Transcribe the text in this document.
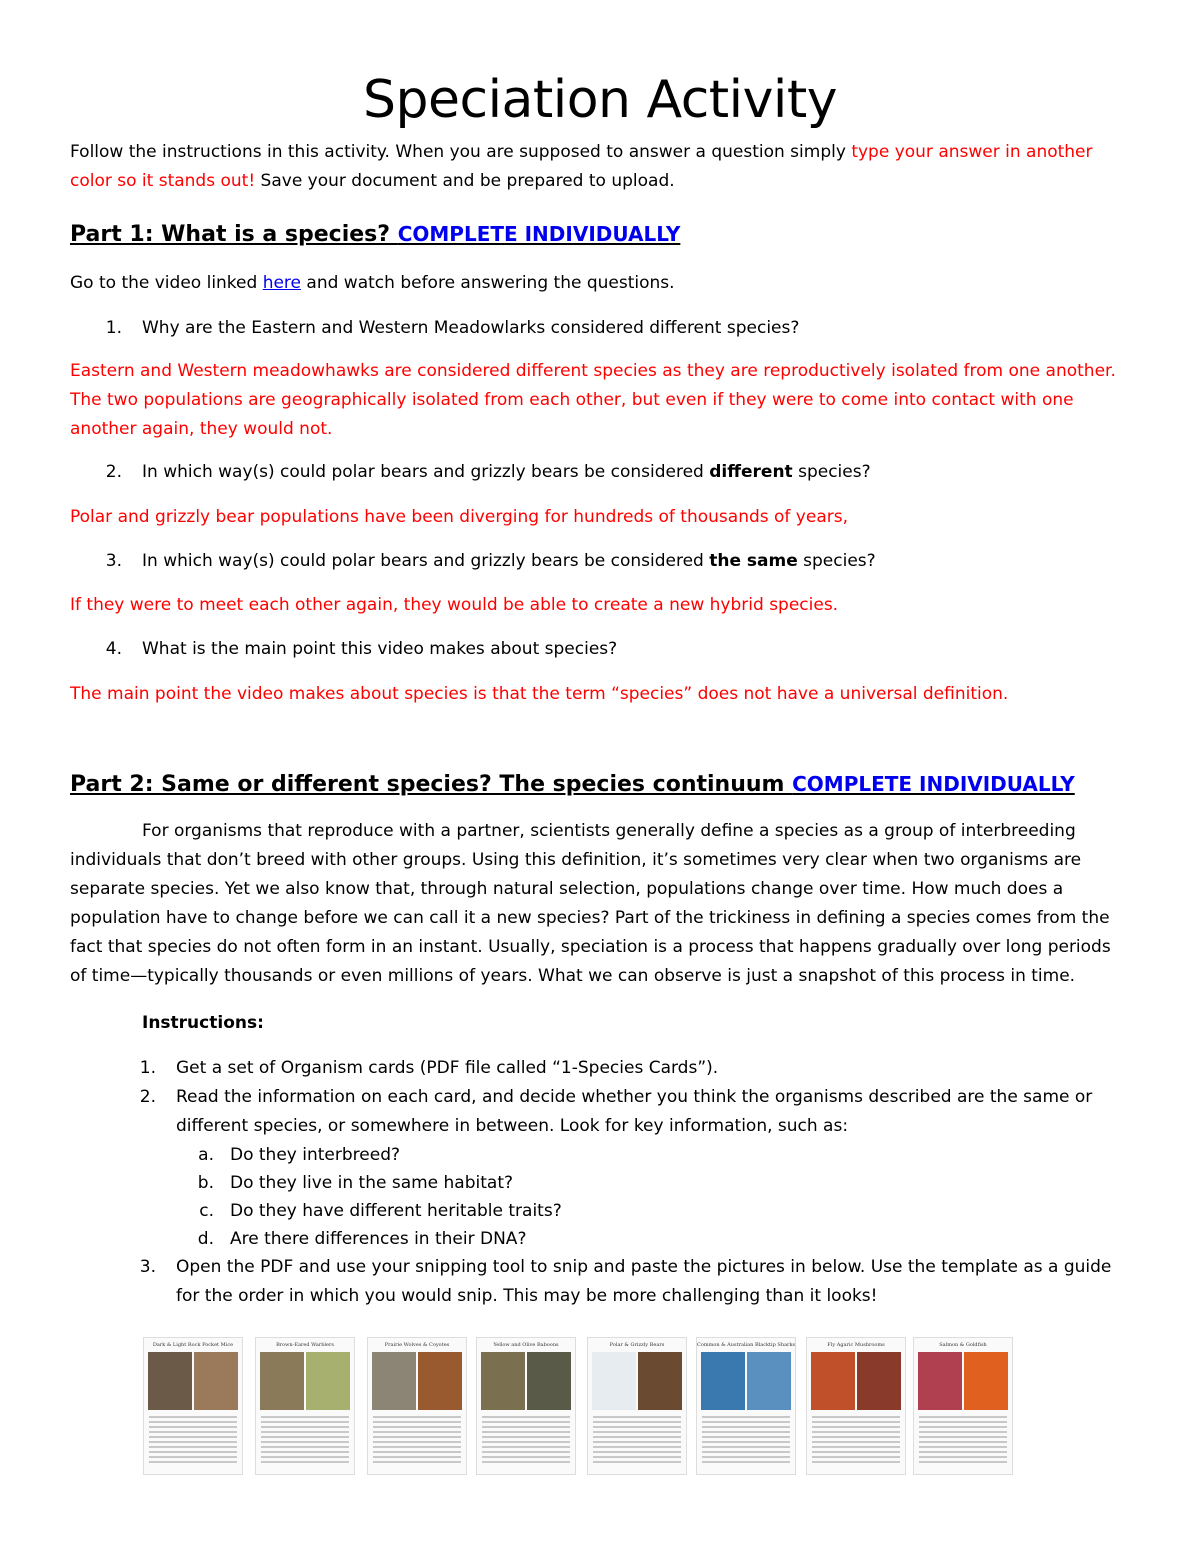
Speciation Activity

Follow the instructions in this activity. When you are supposed to answer a question simply type your answer in another color so it stands out! Save your document and be prepared to upload.

Part 1: What is a species? COMPLETE INDIVIDUALLY

Go to the video linked here and watch before answering the questions.

1.	Why are the Eastern and Western Meadowlarks considered different species?

Eastern and Western meadowhawks are considered different species as they are reproductively isolated from one another. The two populations are geographically isolated from each other, but even if they were to come into contact with one another again, they would not.

2.	In which way(s) could polar bears and grizzly bears be considered different species?

Polar and grizzly bear populations have been diverging for hundreds of thousands of years,

3.	In which way(s) could polar bears and grizzly bears be considered the same species?

If they were to meet each other again, they would be able to create a new hybrid species.

4.	What is the main point this video makes about species?

The main point the video makes about species is that the term “species” does not have a universal definition.

Part 2: Same or different species? The species continuum COMPLETE INDIVIDUALLY

For organisms that reproduce with a partner, scientists generally define a species as a group of interbreeding individuals that don’t breed with other groups. Using this definition, it’s sometimes very clear when two organisms are separate species. Yet we also know that, through natural selection, populations change over time. How much does a population have to change before we can call it a new species? Part of the trickiness in defining a species comes from the fact that species do not often form in an instant. Usually, speciation is a process that happens gradually over long periods of time—typically thousands or even millions of years. What we can observe is just a snapshot of this process in time.

Instructions:

1.	Get a set of Organism cards (PDF file called “1-Species Cards”).
2.	Read the information on each card, and decide whether you think the organisms described are the same or different species, or somewhere in between. Look for key information, such as:
a. Do they interbreed?
b. Do they live in the same habitat?
c. Do they have different heritable traits?
d. Are there differences in their DNA?
3.	Open the PDF and use your snipping tool to snip and paste the pictures in below. Use the template as a guide for the order in which you would snip. This may be more challenging than it looks!
Dark & Light Rock Pocket Mice	Brown-Eared Warblers	Prairie Wolves & Coyotes	Yellow and Olive Baboons	Polar & Grizzly Bears	Common & Australian Blacktip Sharks	Fly Agaric Mushrooms	Salmon & Goldfish
